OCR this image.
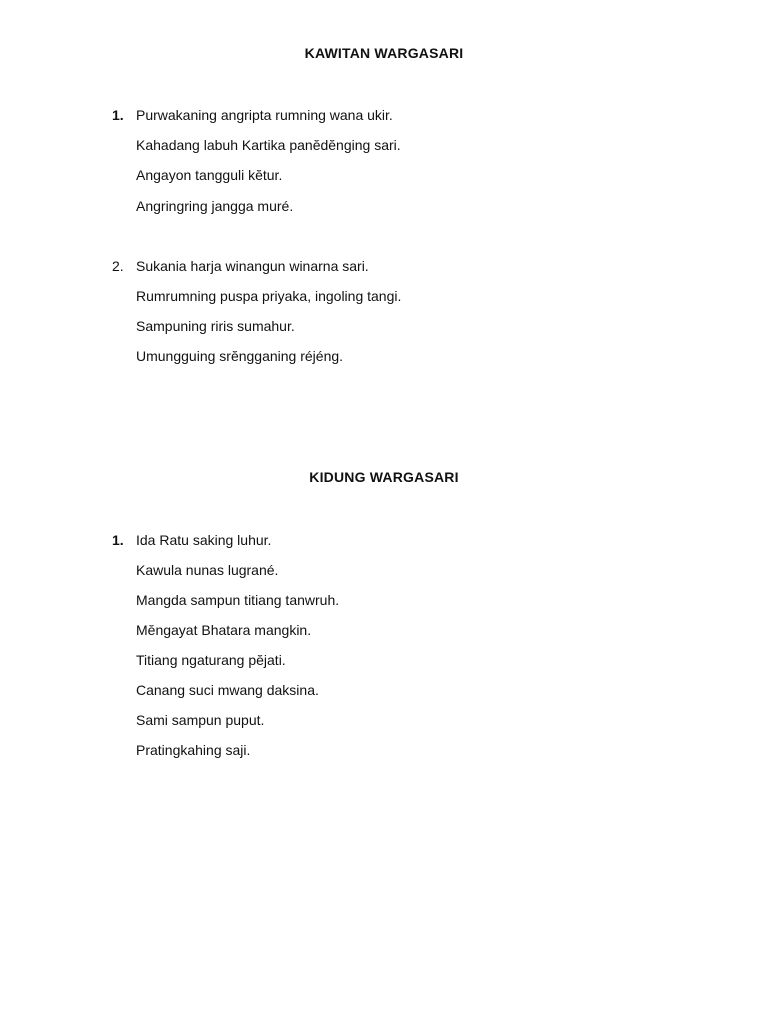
KAWITAN WARGASARI

1. Purwakaning angripta rumning wana ukir.

Kahadang labuh Kartika panĕdĕnging sari.

Angayon tangguli kĕtur.

Angringring jangga muré.

2. Sukania harja winangun winarna sari.

Rumrumning puspa priyaka, ingoling tangi.

Sampuning riris sumahur.

Umungguing srĕngganing réjéng.

KIDUNG WARGASARI

1. Ida Ratu saking luhur.

Kawula nunas lugrané.

Mangda sampun titiang tanwruh.

Mĕngayat Bhatara mangkin.

Titiang ngaturang pĕjati.

Canang suci mwang daksina.

Sami sampun puput.

Pratingkahing saji.
